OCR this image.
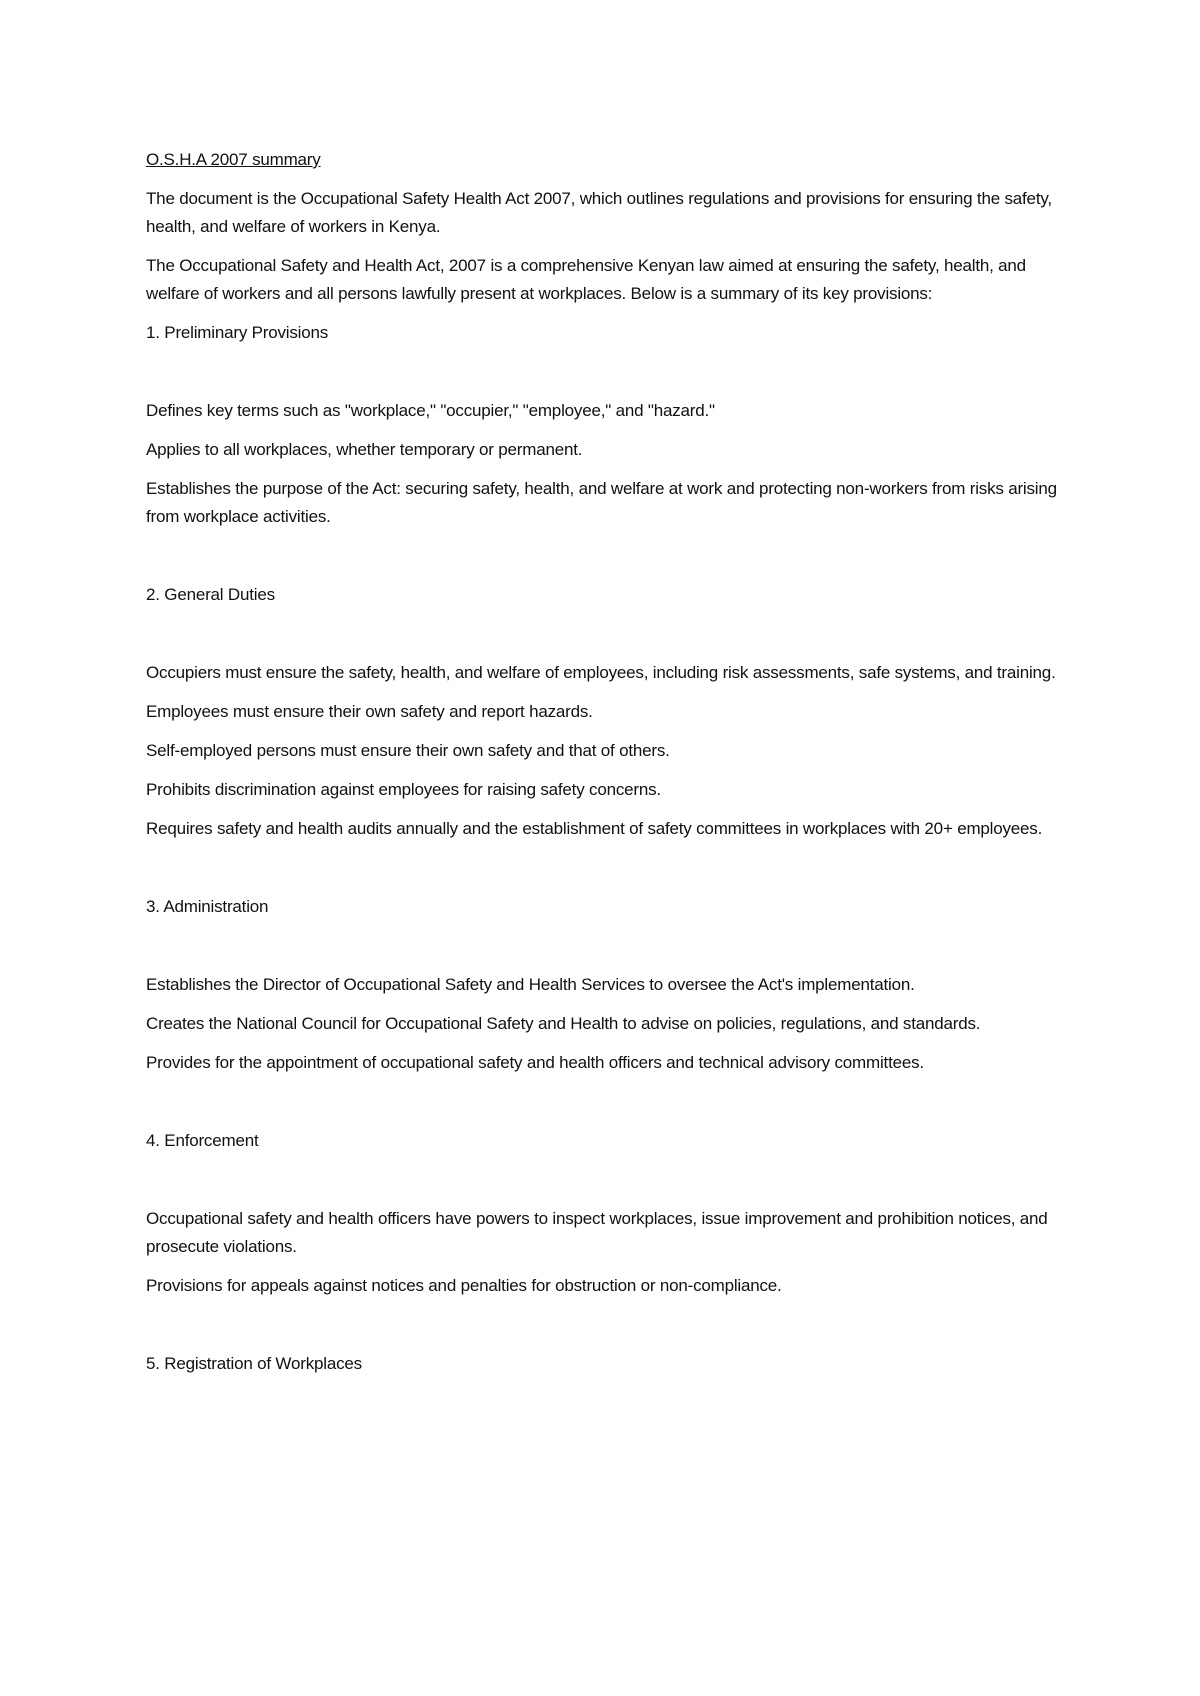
O.S.H.A 2007 summary

The document is the Occupational Safety Health Act 2007, which outlines regulations and provisions for ensuring the safety, health, and welfare of workers in Kenya.

The Occupational Safety and Health Act, 2007 is a comprehensive Kenyan law aimed at ensuring the safety, health, and welfare of workers and all persons lawfully present at workplaces. Below is a summary of its key provisions:

1. Preliminary Provisions

Defines key terms such as "workplace," "occupier," "employee," and "hazard."

Applies to all workplaces, whether temporary or permanent.

Establishes the purpose of the Act: securing safety, health, and welfare at work and protecting non-workers from risks arising from workplace activities.

2. General Duties

Occupiers must ensure the safety, health, and welfare of employees, including risk assessments, safe systems, and training.

Employees must ensure their own safety and report hazards.

Self-employed persons must ensure their own safety and that of others.

Prohibits discrimination against employees for raising safety concerns.

Requires safety and health audits annually and the establishment of safety committees in workplaces with 20+ employees.

3. Administration

Establishes the Director of Occupational Safety and Health Services to oversee the Act's implementation.

Creates the National Council for Occupational Safety and Health to advise on policies, regulations, and standards.

Provides for the appointment of occupational safety and health officers and technical advisory committees.

4. Enforcement

Occupational safety and health officers have powers to inspect workplaces, issue improvement and prohibition notices, and prosecute violations.

Provisions for appeals against notices and penalties for obstruction or non-compliance.

5. Registration of Workplaces
